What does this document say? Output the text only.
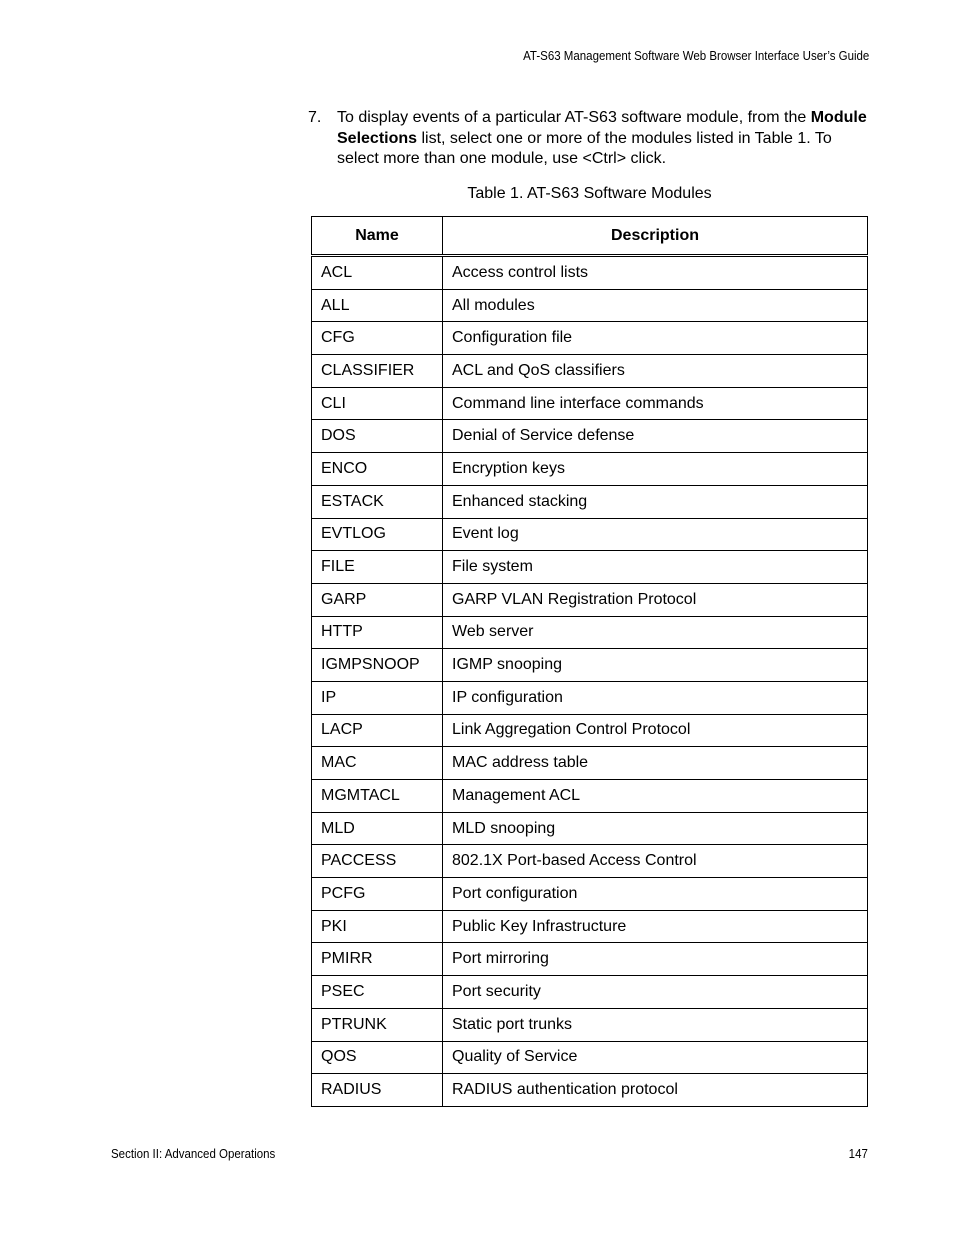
AT-S63 Management Software Web Browser Interface User’s Guide
7. To display events of a particular AT-S63 software module, from the Module Selections list, select one or more of the modules listed in Table 1. To select more than one module, use <Ctrl> click.
Table 1. AT-S63 Software Modules
Name	Description
ACL	Access control lists
ALL	All modules
CFG	Configuration file
CLASSIFIER	ACL and QoS classifiers
CLI	Command line interface commands
DOS	Denial of Service defense
ENCO	Encryption keys
ESTACK	Enhanced stacking
EVTLOG	Event log
FILE	File system
GARP	GARP VLAN Registration Protocol
HTTP	Web server
IGMPSNOOP	IGMP snooping
IP	IP configuration
LACP	Link Aggregation Control Protocol
MAC	MAC address table
MGMTACL	Management ACL
MLD	MLD snooping
PACCESS	802.1X Port-based Access Control
PCFG	Port configuration
PKI	Public Key Infrastructure
PMIRR	Port mirroring
PSEC	Port security
PTRUNK	Static port trunks
QOS	Quality of Service
RADIUS	RADIUS authentication protocol
Section II: Advanced Operations	147
